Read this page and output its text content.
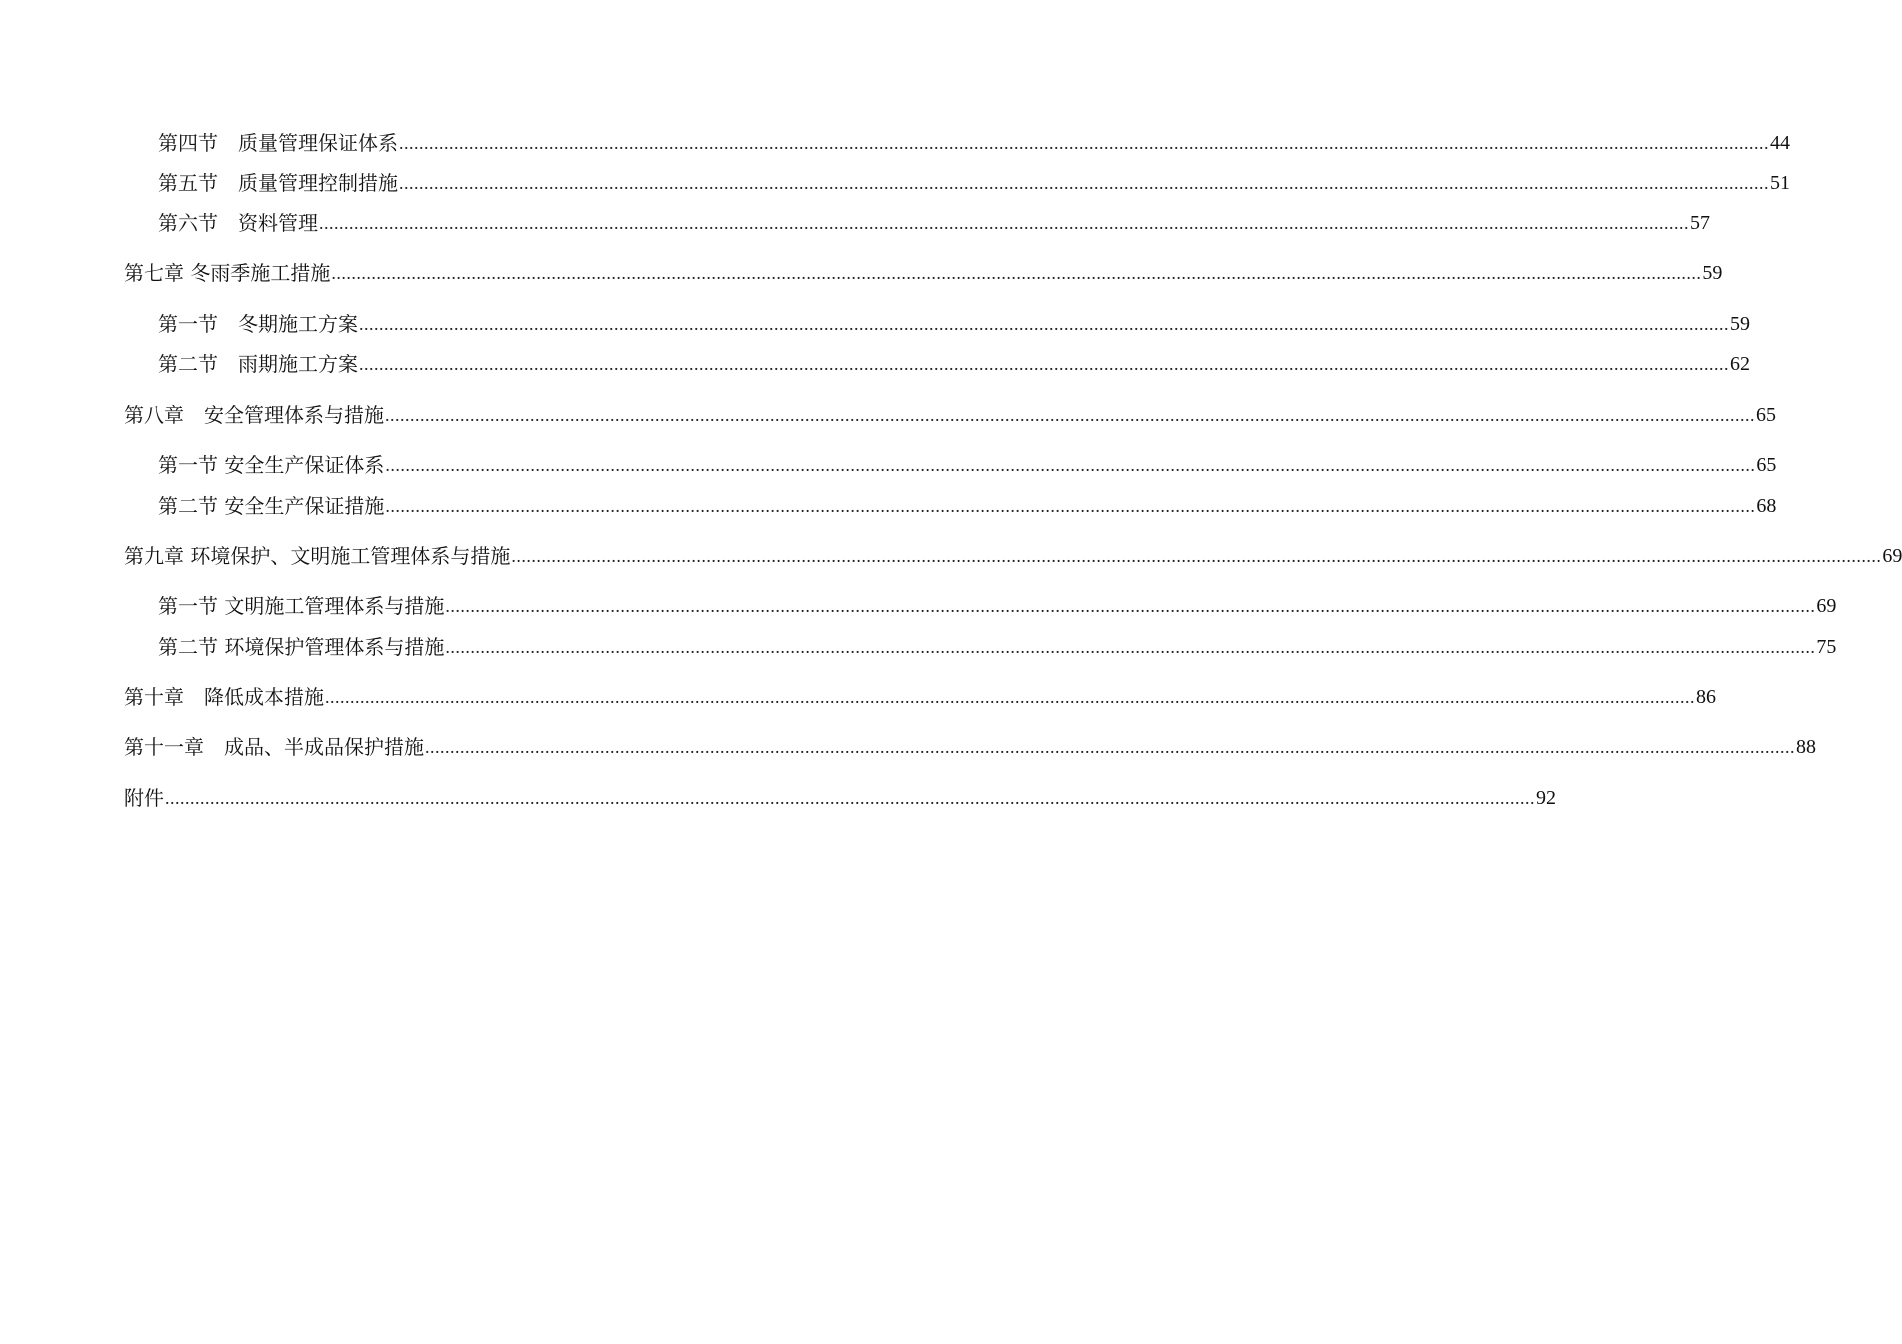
第四节　质量管理保证体系 .................................................................................................................................................................................................................................................................................. 44
第五节　质量管理控制措施 .................................................................................................................................................................................................................................................................................. 51
第六节　资料管理 .................................................................................................................................................................................................................................................................................. 57
第七章 冬雨季施工措施 .................................................................................................................................................................................................................................................................................. 59
第一节　冬期施工方案 .................................................................................................................................................................................................................................................................................. 59
第二节　雨期施工方案 .................................................................................................................................................................................................................................................................................. 62
第八章　安全管理体系与措施 .................................................................................................................................................................................................................................................................................. 65
第一节 安全生产保证体系 .................................................................................................................................................................................................................................................................................. 65
第二节 安全生产保证措施 .................................................................................................................................................................................................................................................................................. 68
第九章 环境保护、文明施工管理体系与措施 .................................................................................................................................................................................................................................................................................. 69
第一节 文明施工管理体系与措施 .................................................................................................................................................................................................................................................................................. 69
第二节 环境保护管理体系与措施 .................................................................................................................................................................................................................................................................................. 75
第十章　降低成本措施 .................................................................................................................................................................................................................................................................................. 86
第十一章　成品、半成品保护措施 .................................................................................................................................................................................................................................................................................. 88
附件 .................................................................................................................................................................................................................................................................................. 92
